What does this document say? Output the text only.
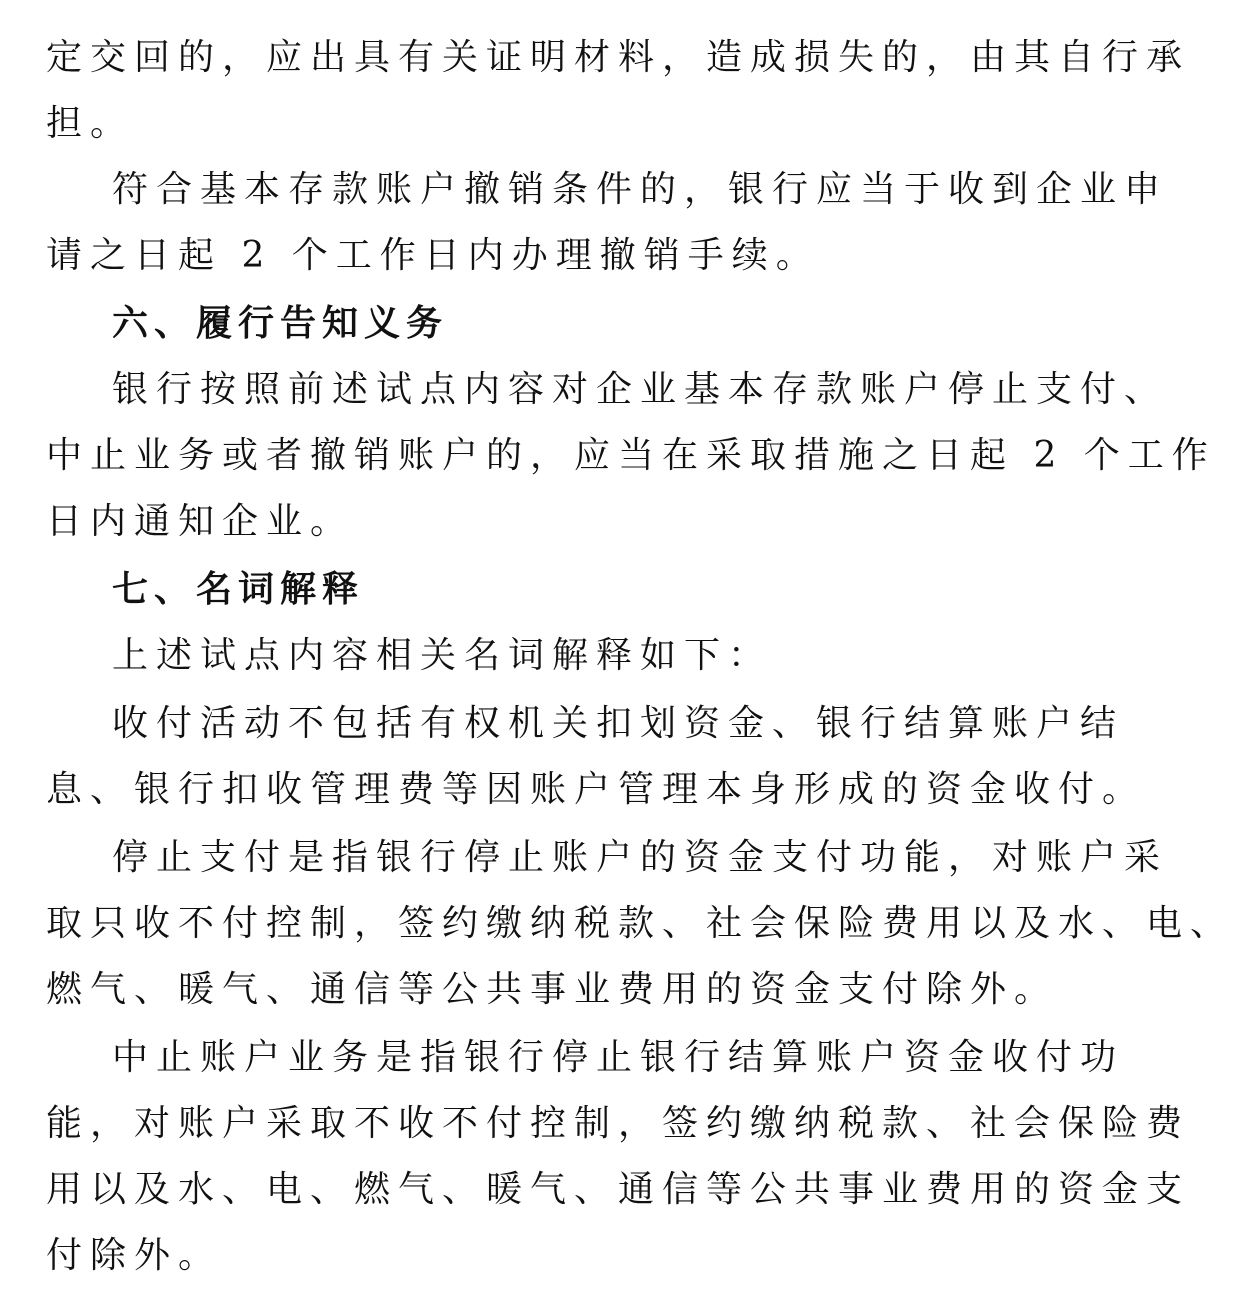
定交回的，应出具有关证明材料，造成损失的，由其自行承
担。
符合基本存款账户撤销条件的，银行应当于收到企业申
请之日起 2 个工作日内办理撤销手续。
六、履行告知义务
银行按照前述试点内容对企业基本存款账户停止支付、
中止业务或者撤销账户的，应当在采取措施之日起 2 个工作
日内通知企业。
七、名词解释
上述试点内容相关名词解释如下：
收付活动不包括有权机关扣划资金、银行结算账户结
息、银行扣收管理费等因账户管理本身形成的资金收付。
停止支付是指银行停止账户的资金支付功能，对账户采
取只收不付控制，签约缴纳税款、社会保险费用以及水、电、
燃气、暖气、通信等公共事业费用的资金支付除外。
中止账户业务是指银行停止银行结算账户资金收付功
能，对账户采取不收不付控制，签约缴纳税款、社会保险费
用以及水、电、燃气、暖气、通信等公共事业费用的资金支
付除外。
